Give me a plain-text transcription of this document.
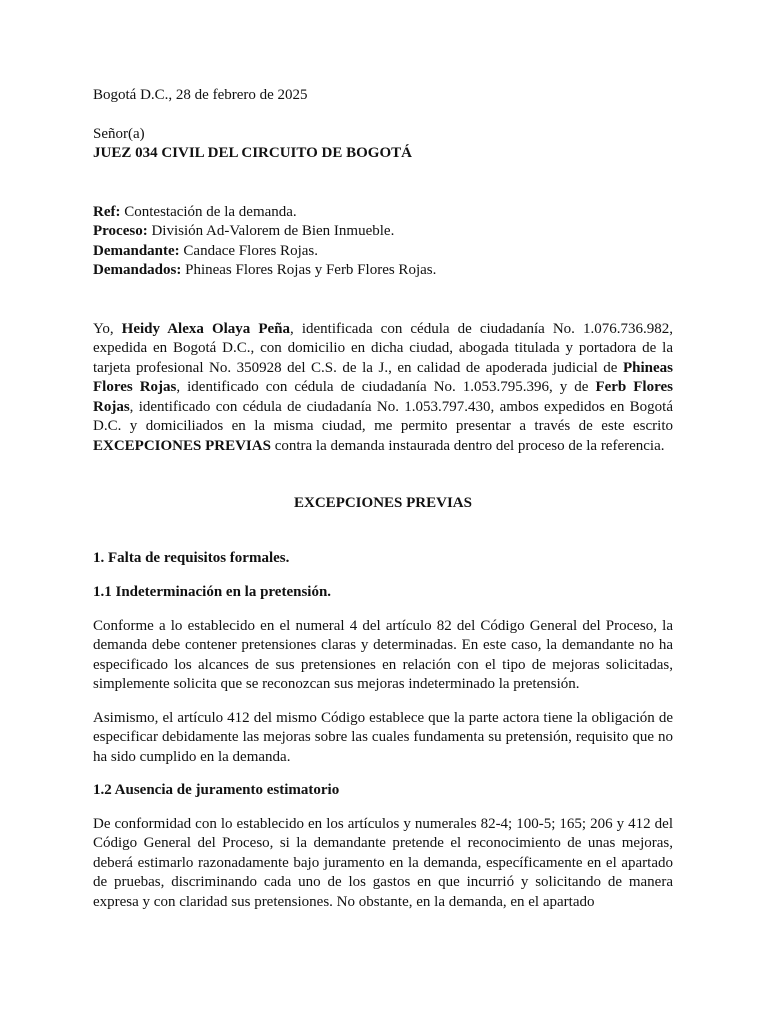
Bogotá D.C., 28 de febrero de 2025

Señor(a)

JUEZ 034 CIVIL DEL CIRCUITO DE BOGOTÁ

Ref: Contestación de la demanda.

Proceso: División Ad-Valorem de Bien Inmueble.

Demandante: Candace Flores Rojas.

Demandados: Phineas Flores Rojas y Ferb Flores Rojas.

Yo, Heidy Alexa Olaya Peña, identificada con cédula de ciudadanía No. 1.076.736.982, expedida en Bogotá D.C., con domicilio en dicha ciudad, abogada titulada y portadora de la tarjeta profesional No. 350928 del C.S. de la J., en calidad de apoderada judicial de Phineas Flores Rojas, identificado con cédula de ciudadanía No. 1.053.795.396, y de Ferb Flores Rojas, identificado con cédula de ciudadanía No. 1.053.797.430, ambos expedidos en Bogotá D.C. y domiciliados en la misma ciudad, me permito presentar a través de este escrito EXCEPCIONES PREVIAS contra la demanda instaurada dentro del proceso de la referencia.

EXCEPCIONES PREVIAS

1. Falta de requisitos formales.

1.1 Indeterminación en la pretensión.

Conforme a lo establecido en el numeral 4 del artículo 82 del Código General del Proceso, la demanda debe contener pretensiones claras y determinadas. En este caso, la demandante no ha especificado los alcances de sus pretensiones en relación con el tipo de mejoras solicitadas, simplemente solicita que se reconozcan sus mejoras indeterminado la pretensión.

Asimismo, el artículo 412 del mismo Código establece que la parte actora tiene la obligación de especificar debidamente las mejoras sobre las cuales fundamenta su pretensión, requisito que no ha sido cumplido en la demanda.

1.2 Ausencia de juramento estimatorio

De conformidad con lo establecido en los artículos y numerales 82-4; 100-5; 165; 206 y 412 del Código General del Proceso, si la demandante pretende el reconocimiento de unas mejoras, deberá estimarlo razonadamente bajo juramento en la demanda, específicamente en el apartado de pruebas, discriminando cada uno de los gastos en que incurrió y solicitando de manera expresa y con claridad sus pretensiones. No obstante, en la demanda, en el apartado
